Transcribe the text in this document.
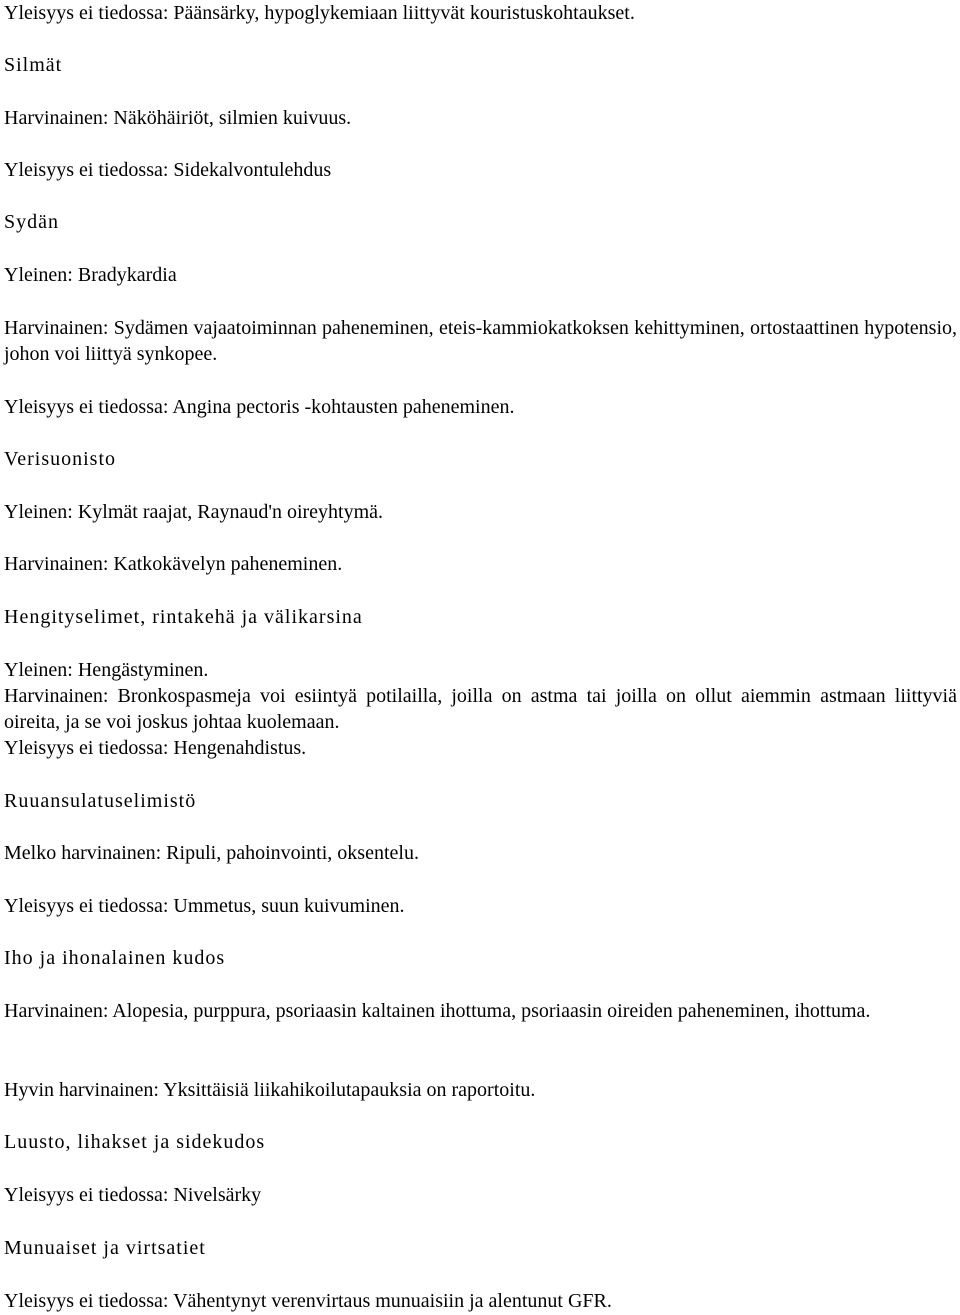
Yleisyys ei tiedossa: Päänsärky, hypoglykemiaan liittyvät kouristuskohtaukset.
Silmät
Harvinainen: Näköhäiriöt, silmien kuivuus.
Yleisyys ei tiedossa: Sidekalvontulehdus
Sydän
Yleinen: Bradykardia
Harvinainen: Sydämen vajaatoiminnan paheneminen, eteis-kammiokatkoksen kehittyminen, ortostaattinen hypotensio, johon voi liittyä synkopee.
Yleisyys ei tiedossa: Angina pectoris -kohtausten paheneminen.
Verisuonisto
Yleinen: Kylmät raajat, Raynaud'n oireyhtymä.
Harvinainen: Katkokävelyn paheneminen.
Hengityselimet, rintakehä ja välikarsina
Yleinen: Hengästyminen.
Harvinainen: Bronkospasmeja voi esiintyä potilailla, joilla on astma tai joilla on ollut aiemmin astmaan liittyviä oireita, ja se voi joskus johtaa kuolemaan.
Yleisyys ei tiedossa: Hengenahdistus.
Ruuansulatuselimistö
Melko harvinainen: Ripuli, pahoinvointi, oksentelu.
Yleisyys ei tiedossa: Ummetus, suun kuivuminen.
Iho ja ihonalainen kudos
Harvinainen: Alopesia, purppura, psoriaasin kaltainen ihottuma, psoriaasin oireiden paheneminen, ihottuma.
Hyvin harvinainen: Yksittäisiä liikahikoilutapauksia on raportoitu.
Luusto, lihakset ja sidekudos
Yleisyys ei tiedossa: Nivelsärky
Munuaiset ja virtsatiet
Yleisyys ei tiedossa: Vähentynyt verenvirtaus munuaisiin ja alentunut GFR.
